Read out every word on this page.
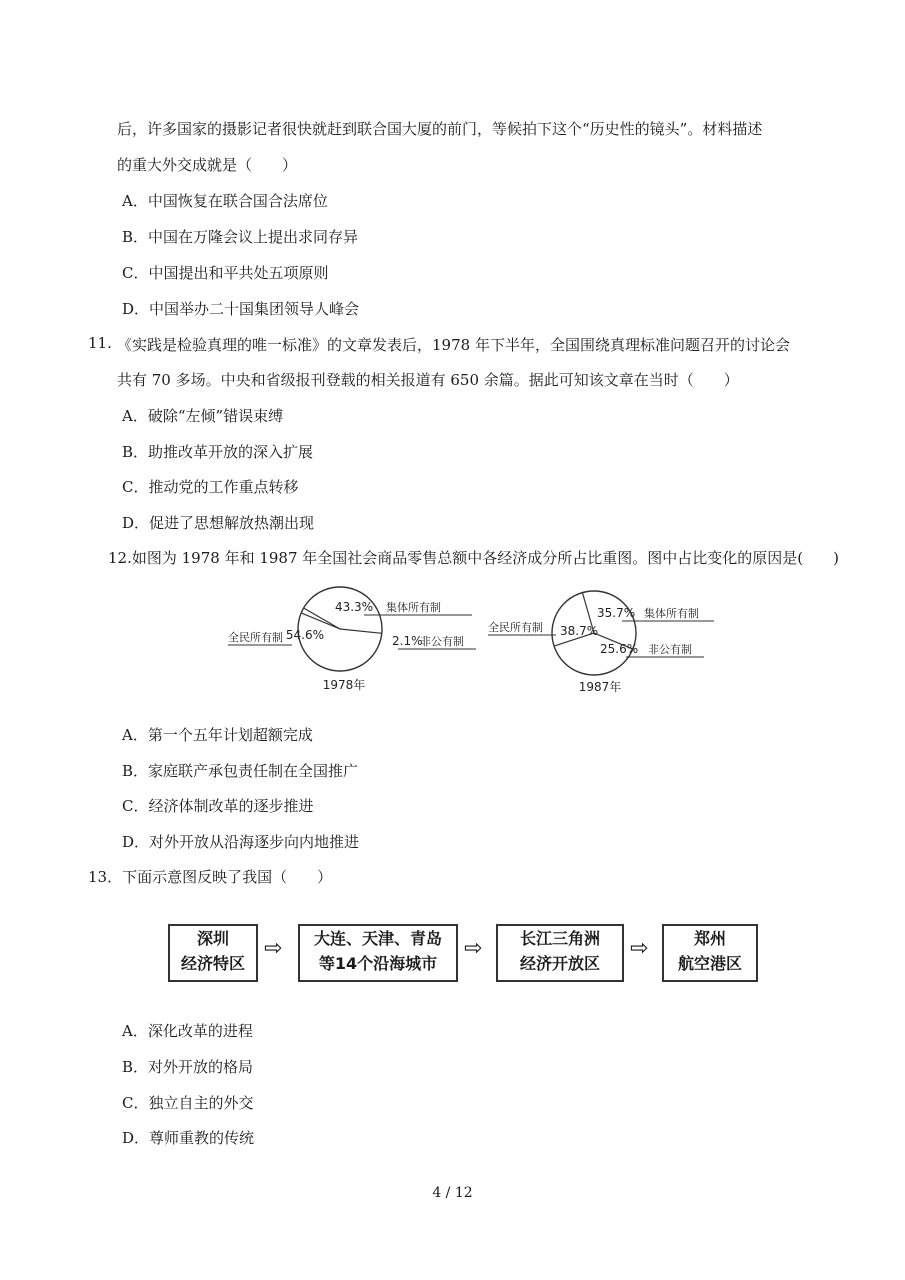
后，许多国家的摄影记者很快就赶到联合国大厦的前门，等候拍下这个“历史性的镜头”。材料描述
的重大外交成就是（　　）
A．中国恢复在联合国合法席位
B．中国在万隆会议上提出求同存异
C．中国提出和平共处五项原则
D．中国举办二十国集团领导人峰会
11. 《实践是检验真理的唯一标准》的文章发表后，1978 年下半年，全国围绕真理标准问题召开的讨论会
共有 70 多场。中央和省级报刊登载的相关报道有 650 余篇。据此可知该文章在当时（　　）
A．破除“左倾”错误束缚
B．助推改革开放的深入扩展
C．推动党的工作重点转移
D．促进了思想解放热潮出现
12.如图为 1978 年和 1987 年全国社会商品零售总额中各经济成分所占比重图。图中占比变化的原因是(　　)
54.6%
43.3%
2.1%
全民所有制
集体所有制
非公有制
1978年
38.7%
35.7%
25.6%
全民所有制
集体所有制
非公有制
1987年
A．第一个五年计划超额完成
B．家庭联产承包责任制在全国推广
C．经济体制改革的逐步推进
D．对外开放从沿海逐步向内地推进
13．下面示意图反映了我国（　　）
深圳
经济特区
⇨	大连、天津、青岛
等14个沿海城市
⇨	长江三角洲
经济开放区
⇨	郑州
航空港区
A．深化改革的进程
B．对外开放的格局
C．独立自主的外交
D．尊师重教的传统
4 / 12
